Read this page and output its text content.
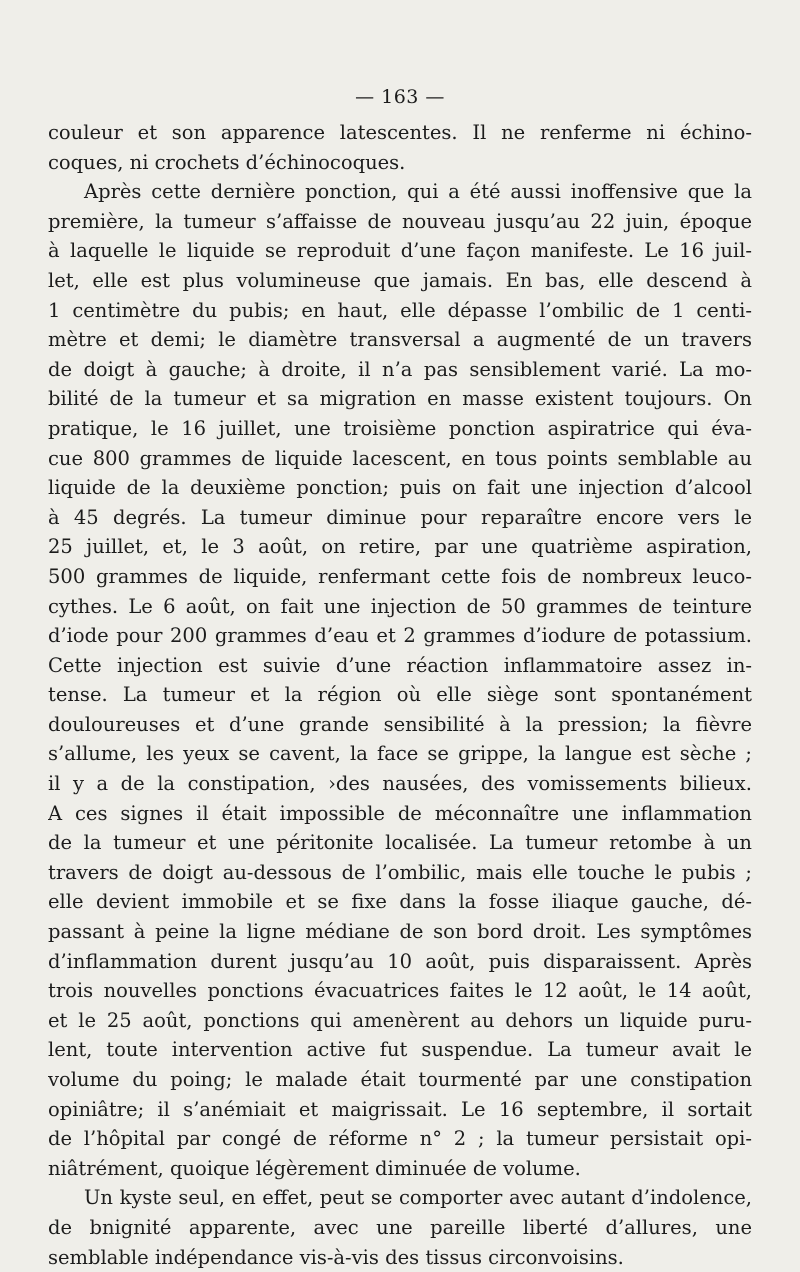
— 163 —
couleur et son apparence latescentes. Il ne renferme ni échino-
coques, ni crochets d’échinocoques.
Après cette dernière ponction, qui a été aussi inoffensive que la
première, la tumeur s’affaisse de nouveau jusqu’au 22 juin, époque
à laquelle le liquide se reproduit d’une façon manifeste. Le 16 juil-
let, elle est plus volumineuse que jamais. En bas, elle descend à
1 centimètre du pubis; en haut, elle dépasse l’ombilic de 1 centi-
mètre et demi; le diamètre transversal a augmenté de un travers
de doigt à gauche; à droite, il n’a pas sensiblement varié. La mo-
bilité de la tumeur et sa migration en masse existent toujours. On
pratique, le 16 juillet, une troisième ponction aspiratrice qui éva-
cue 800 grammes de liquide lacescent, en tous points semblable au
liquide de la deuxième ponction; puis on fait une injection d’alcool
à 45 degrés. La tumeur diminue pour reparaître encore vers le
25 juillet, et, le 3 août, on retire, par une quatrième aspiration,
500 grammes de liquide, renfermant cette fois de nombreux leuco-
cythes. Le 6 août, on fait une injection de 50 grammes de teinture
d’iode pour 200 grammes d’eau et 2 grammes d’iodure de potassium.
Cette injection est suivie d’une réaction inflammatoire assez in-
tense. La tumeur et la région où elle siège sont spontanément
douloureuses et d’une grande sensibilité à la pression; la fièvre
s’allume, les yeux se cavent, la face se grippe, la langue est sèche ;
il y a de la constipation, ›des nausées, des vomissements bilieux.
A ces signes il était impossible de méconnaître une inflammation
de la tumeur et une péritonite localisée. La tumeur retombe à un
travers de doigt au-dessous de l’ombilic, mais elle touche le pubis ;
elle devient immobile et se fixe dans la fosse iliaque gauche, dé-
passant à peine la ligne médiane de son bord droit. Les symptômes
d’inflammation durent jusqu’au 10 août, puis disparaissent. Après
trois nouvelles ponctions évacuatrices faites le 12 août, le 14 août,
et le 25 août, ponctions qui amenèrent au dehors un liquide puru-
lent, toute intervention active fut suspendue. La tumeur avait le
volume du poing; le malade était tourmenté par une constipation
opiniâtre; il s’anémiait et maigrissait. Le 16 septembre, il sortait
de l’hôpital par congé de réforme n° 2 ; la tumeur persistait opi-
niâtrément, quoique légèrement diminuée de volume.
Un kyste seul, en effet, peut se comporter avec autant d’indolence,
de bnignité apparente, avec une pareille liberté d’allures, une
semblable indépendance vis-à-vis des tissus circonvoisins.
